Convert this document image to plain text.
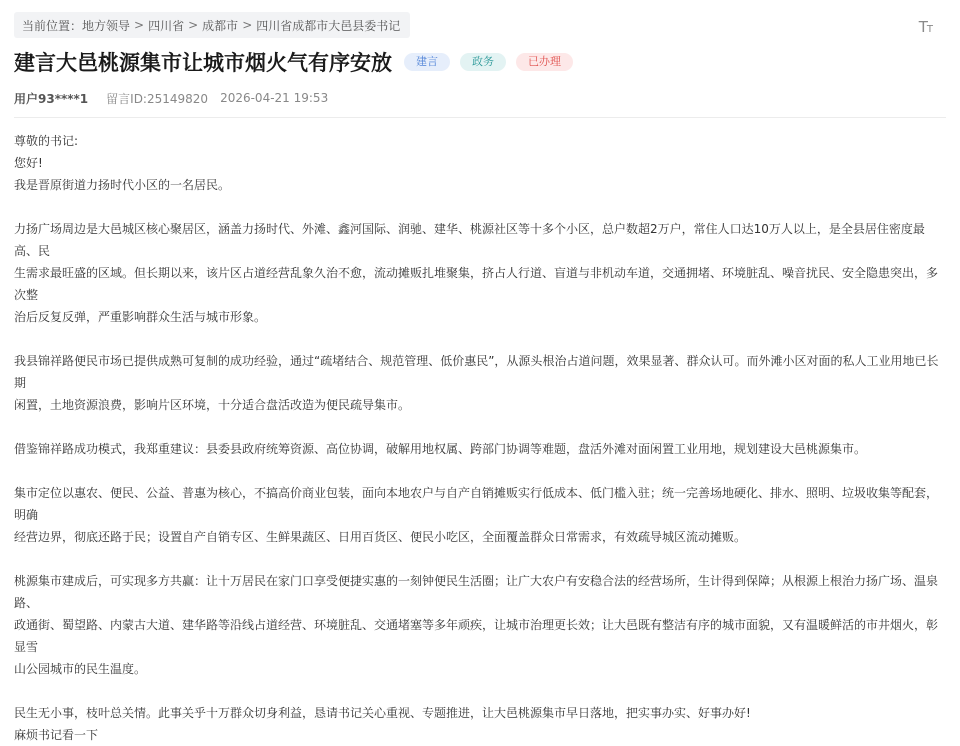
当前位置： 地方领导 > 四川省 > 成都市 > 四川省成都市大邑县委书记	TT
建言大邑桃源集市让城市烟火气有序安放	建言	政务	已办理
用户93****1 留言ID:25149820 2026-04-21 19:53

尊敬的书记:

您好!

我是晋原街道力扬时代小区的一名居民。

力扬广场周边是大邑城区核心聚居区，涵盖力扬时代、外滩、鑫河国际、润驰、建华、桃源社区等十多个小区，总户数超2万户，常住人口达10万人以上，是全县居住密度最高、民

生需求最旺盛的区域。但长期以来，该片区占道经营乱象久治不愈，流动摊贩扎堆聚集，挤占人行道、盲道与非机动车道，交通拥堵、环境脏乱、噪音扰民、安全隐患突出，多次整

治后反复反弹，严重影响群众生活与城市形象。

我县锦祥路便民市场已提供成熟可复制的成功经验，通过“疏堵结合、规范管理、低价惠民”，从源头根治占道问题，效果显著、群众认可。而外滩小区对面的私人工业用地已长期

闲置，土地资源浪费，影响片区环境，十分适合盘活改造为便民疏导集市。

借鉴锦祥路成功模式，我郑重建议：县委县政府统筹资源、高位协调，破解用地权属、跨部门协调等难题，盘活外滩对面闲置工业用地，规划建设大邑桃源集市。

集市定位以惠农、便民、公益、普惠为核心，不搞高价商业包装，面向本地农户与自产自销摊贩实行低成本、低门槛入驻；统一完善场地硬化、排水、照明、垃圾收集等配套，明确

经营边界，彻底还路于民；设置自产自销专区、生鲜果蔬区、日用百货区、便民小吃区，全面覆盖群众日常需求，有效疏导城区流动摊贩。

桃源集市建成后，可实现多方共赢：让十万居民在家门口享受便捷实惠的一刻钟便民生活圈；让广大农户有安稳合法的经营场所，生计得到保障；从根源上根治力扬广场、温泉路、

政通街、蜀望路、内蒙古大道、建华路等沿线占道经营、环境脏乱、交通堵塞等多年顽疾，让城市治理更长效；让大邑既有整洁有序的城市面貌，又有温暖鲜活的市井烟火，彰显雪

山公园城市的民生温度。

民生无小事，枝叶总关情。此事关乎十万群众切身利益，恳请书记关心重视、专题推进，让大邑桃源集市早日落地，把实事办实、好事办好!

麻烦书记看一下
